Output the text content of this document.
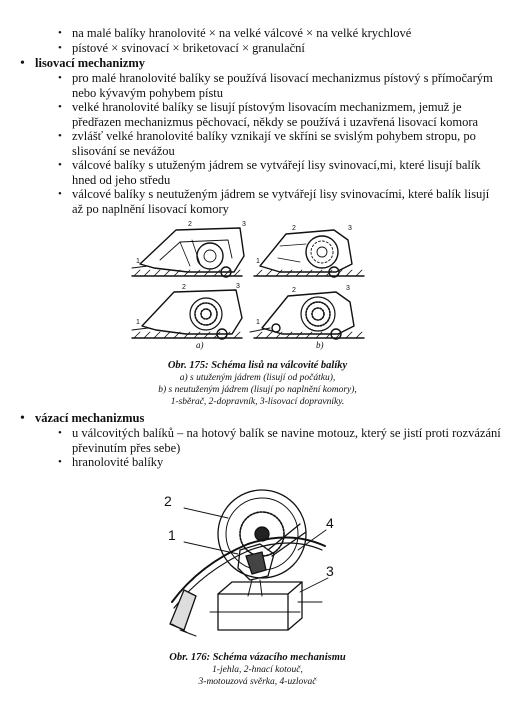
• na malé balíky hranolovité × na velké válcové × na velké krychlové
• pístové × svinovací × briketovací × granulační
• lisovací mechanizmy
• pro malé hranolovité balíky se používá lisovací mechanizmus pístový s přímočarým
nebo kývavým pohybem pístu
• velké hranolovité balíky se lisují pístovým lisovacím mechanizmem, jemuž je
předřazen mechanizmus pěchovací, někdy se používá i uzavřená lisovací komora
• zvlášť velké hranolovité balíky vznikají ve skříni se svislým pohybem stropu, po
slisování se nevážou
• válcové balíky s utuženým jádrem se vytvářejí lisy svinovací,mi, které lisují balík
hned od jeho středu
• válcové balíky s neutuženým jádrem se vytvářejí lisy svinovacími, které balík lisují
až po naplnění lisovací komory
a)	b)
1
2	3
1
2	3
1
2	3
1
2	3
Obr. 175: Schéma lisů na válcovité balíky
a) s utuženým jádrem (lisují od počátku),
b) s neutuženým jádrem (lisují po naplnění komory),
1-sběrač, 2-dopravník, 3-lisovací dopravníky.
• vázací mechanizmus
• u válcovitých balíků – na hotový balík se navine motouz, který se jistí proti rozvázání
převinutím přes sebe)
• hranolovité balíky
2
1
4
3
Obr. 176: Schéma vázacího mechanismu
1-jehla, 2-hnací kotouč,
3-motouzová svěrka, 4-uzlovač
